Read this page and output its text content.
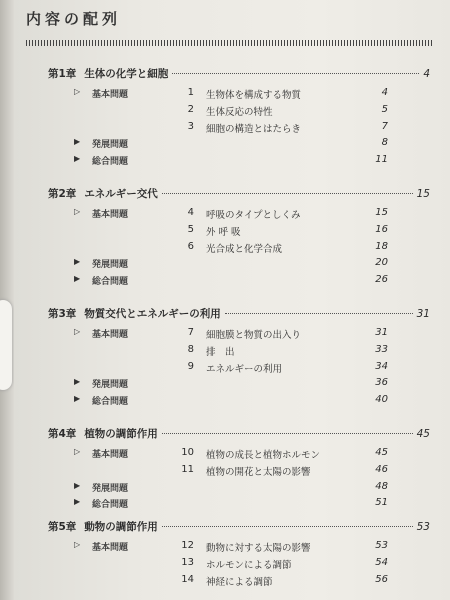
内容の配列
第1章 生体の化学と細胞	4
▷ 基本問題	1 生物体を構成する物質	4
2 生体反応の特性	5
3 細胞の構造とはたらき	7
▶ 発展問題	8
▶ 総合問題	11
第2章 エネルギー交代	15
▷ 基本問題	4 呼吸のタイプとしくみ	15
5 外 呼 吸	16
6 光合成と化学合成	18
▶ 発展問題	20
▶ 総合問題	26
第3章 物質交代とエネルギーの利用	31
▷ 基本問題	7 細胞膜と物質の出入り	31
8 排　出	33
9 エネルギーの利用	34
▶ 発展問題	36
▶ 総合問題	40
第4章 植物の調節作用	45
▷ 基本問題	10 植物の成長と植物ホルモン	45
11 植物の開花と太陽の影響	46
▶ 発展問題	48
▶ 総合問題	51
第5章 動物の調節作用	53
▷ 基本問題	12 動物に対する太陽の影響	53
13 ホルモンによる調節	54
14 神経による調節	56
